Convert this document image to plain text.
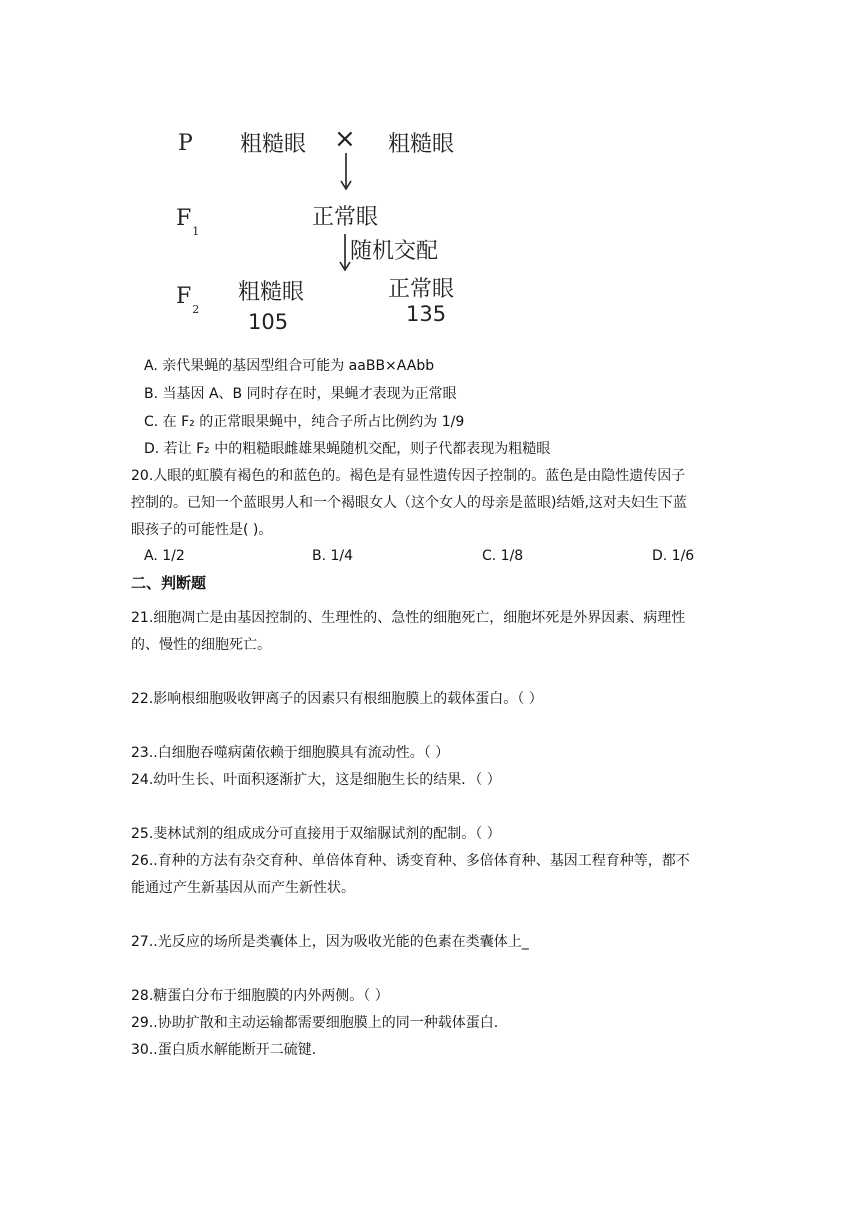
P 粗糙眼 × 粗糙眼
$F_1$
正常眼
随机交配
$F_2$
粗糙眼
105
正常眼
135
A. 亲代果蝇的基因型组合可能为 aaBB×AAbb
B. 当基因 A、B 同时存在时，果蝇才表现为正常眼
C. 在 F₂ 的正常眼果蝇中，纯合子所占比例约为 1/9
D. 若让 F₂ 中的粗糙眼雌雄果蝇随机交配，则子代都表现为粗糙眼
20.人眼的虹膜有褐色的和蓝色的。褐色是有显性遗传因子控制的。蓝色是由隐性遗传因子
控制的。已知一个蓝眼男人和一个褐眼女人（这个女人的母亲是蓝眼)结婚,这对夫妇生下蓝
眼孩子的可能性是( )。
A. 1/2	B. 1/4	C. 1/8	D. 1/6
二、判断题
21.细胞凋亡是由基因控制的、生理性的、急性的细胞死亡，细胞坏死是外界因素、病理性
的、慢性的细胞死亡。
22.影响根细胞吸收钾离子的因素只有根细胞膜上的载体蛋白。（ ）
23..白细胞吞噬病菌依赖于细胞膜具有流动性。（ ）
24.幼叶生长、叶面积逐渐扩大，这是细胞生长的结果．（ ）
25.斐林试剂的组成成分可直接用于双缩脲试剂的配制。（ ）
26..育种的方法有杂交育种、单倍体育种、诱变育种、多倍体育种、基因工程育种等，都不
能通过产生新基因从而产生新性状。
27..光反应的场所是类囊体上，因为吸收光能的色素在类囊体上_
28.糖蛋白分布于细胞膜的内外两侧。（ ）
29..协助扩散和主动运输都需要细胞膜上的同一种载体蛋白.
30..蛋白质水解能断开二硫键.
